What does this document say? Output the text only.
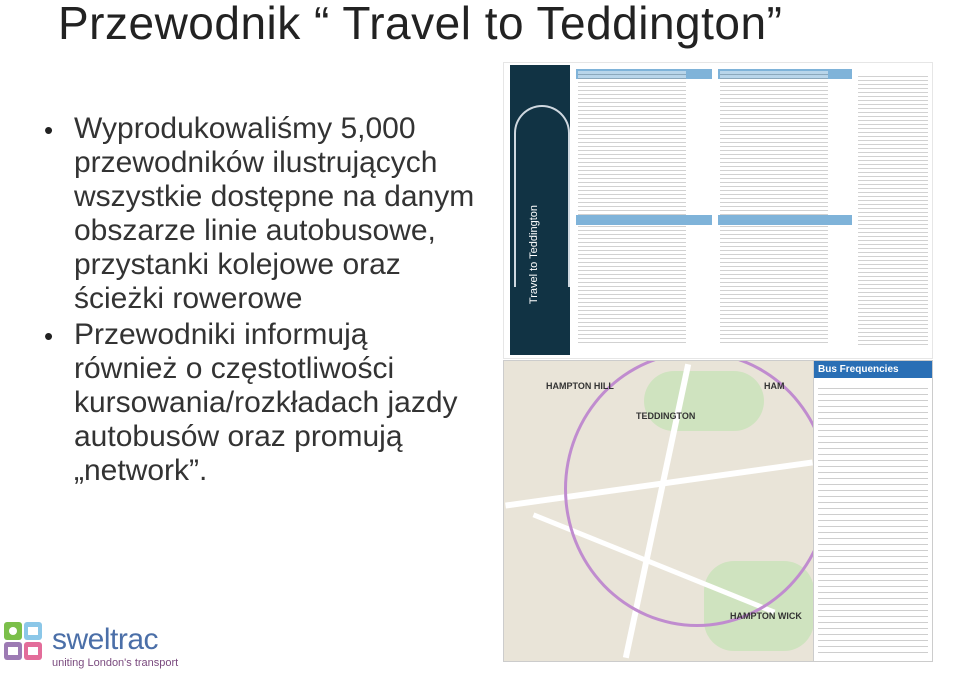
Przewodnik “ Travel to Teddington”
• Wyprodukowaliśmy 5,000 przewodników ilustrujących wszystkie dostępne na danym obszarze linie autobusowe, przystanki kolejowe oraz ścieżki rowerowe
• Przewodniki informują również o częstotliwości kursowania/rozkładach jazdy autobusów oraz promują „network”.
Travel to Teddington
TEDDINGTON
HAMPTON HILL
HAMPTON WICK
HAM
Bus Frequencies
sweltrac
uniting London's transport
